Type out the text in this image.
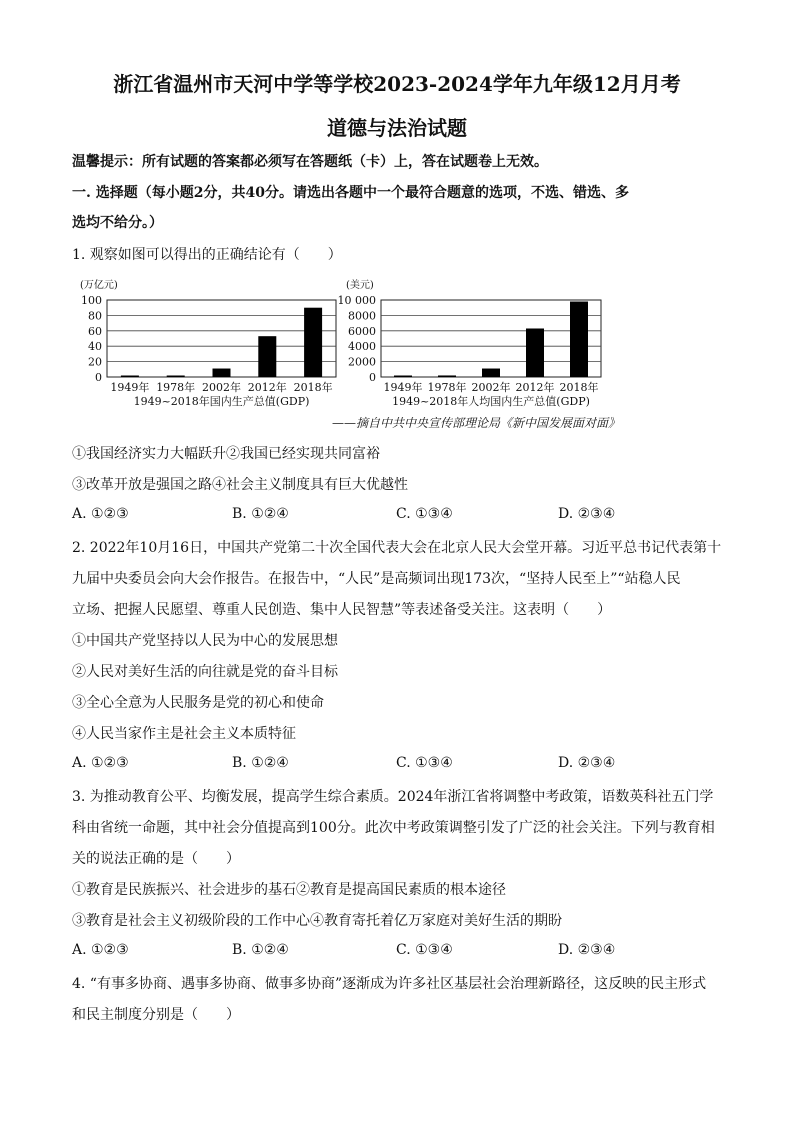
浙江省温州市天河中学等学校2023-2024学年九年级12月月考
道德与法治试题
温馨提示：所有试题的答案都必须写在答题纸（卡）上，答在试题卷上无效。
一. 选择题（每小题2分，共40分。请选出各题中一个最符合题意的选项，不选、错选、多
选均不给分。）
1. 观察如图可以得出的正确结论有（　　）
0
20
40
60
80
100
(万亿元)
1949年 1978年 2002年 2012年 2018年
1949~2018年国内生产总值(GDP)
0
2000
4000
6000
8000
10 000
(美元)
1949年 1978年 2002年 2012年 2018年
1949~2018年人均国内生产总值(GDP)
——摘自中共中央宣传部理论局《新中国发展面对面》
①我国经济实力大幅跃升②我国已经实现共同富裕
③改革开放是强国之路④社会主义制度具有巨大优越性
A. ①②③	B. ①②④	C. ①③④	D. ②③④
2. 2022年10月16日，中国共产党第二十次全国代表大会在北京人民大会堂开幕。习近平总书记代表第十
九届中央委员会向大会作报告。在报告中，“人民”是高频词出现173次，“坚持人民至上”“站稳人民
立场、把握人民愿望、尊重人民创造、集中人民智慧”等表述备受关注。这表明（　　）
①中国共产党坚持以人民为中心的发展思想
②人民对美好生活的向往就是党的奋斗目标
③全心全意为人民服务是党的初心和使命
④人民当家作主是社会主义本质特征
A. ①②③	B. ①②④	C. ①③④	D. ②③④
3. 为推动教育公平、均衡发展，提高学生综合素质。2024年浙江省将调整中考政策，语数英科社五门学
科由省统一命题，其中社会分值提高到100分。此次中考政策调整引发了广泛的社会关注。下列与教育相
关的说法正确的是（　　）
①教育是民族振兴、社会进步的基石②教育是提高国民素质的根本途径
③教育是社会主义初级阶段的工作中心④教育寄托着亿万家庭对美好生活的期盼
A. ①②③	B. ①②④	C. ①③④	D. ②③④
4. “有事多协商、遇事多协商、做事多协商”逐渐成为许多社区基层社会治理新路径，这反映的民主形式
和民主制度分别是（　　）
